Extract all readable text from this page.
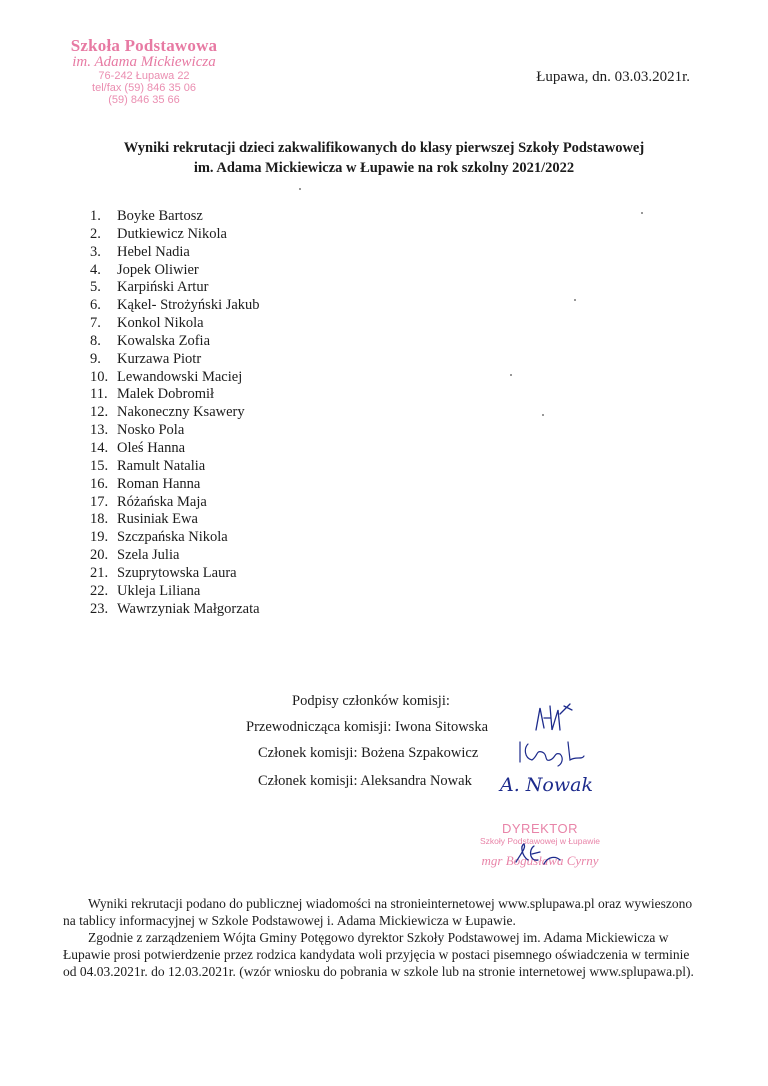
Szkoła Podstawowa
im. Adama Mickiewicza
76-242 Łupawa 22
tel/fax (59) 846 35 06
(59) 846 35 66
Łupawa, dn. 03.03.2021r.
Wyniki rekrutacji dzieci zakwalifikowanych do klasy pierwszej Szkoły Podstawowej
im. Adama Mickiewicza w Łupawie na rok szkolny 2021/2022
1. Boyke Bartosz
2. Dutkiewicz Nikola
3. Hebel Nadia
4. Jopek Oliwier
5. Karpiński Artur
6. Kąkel- Strożyński Jakub
7. Konkol Nikola
8. Kowalska Zofia
9. Kurzawa Piotr
10. Lewandowski Maciej
11. Malek Dobromił
12. Nakoneczny Ksawery
13. Nosko Pola
14. Oleś Hanna
15. Ramult Natalia
16. Roman Hanna
17. Różańska Maja
18. Rusiniak Ewa
19. Szczpańska Nikola
20. Szela Julia
21. Szuprytowska Laura
22. Ukleja Liliana
23. Wawrzyniak Małgorzata
Podpisy członków komisji:
Przewodnicząca komisji: Iwona Sitowska
Członek komisji: Bożena Szpakowicz
Członek komisji: Aleksandra Nowak A. Nowak
DYREKTOR
Szkoły Podstawowej w Łupawie
mgr Bogusława Cyrny

Wyniki rekrutacji podano do publicznej wiadomości na stronieinternetowej www.splupawa.pl oraz wywieszono na tablicy informacyjnej w Szkole Podstawowej i. Adama Mickiewicza w Łupawie.

Zgodnie z zarządzeniem Wójta Gminy Potęgowo dyrektor Szkoły Podstawowej im. Adama Mickiewicza w Łupawie prosi potwierdzenie przez rodzica kandydata woli przyjęcia w postaci pisemnego oświadczenia w terminie od 04.03.2021r. do 12.03.2021r. (wzór wniosku do pobrania w szkole lub na stronie internetowej www.splupawa.pl).
